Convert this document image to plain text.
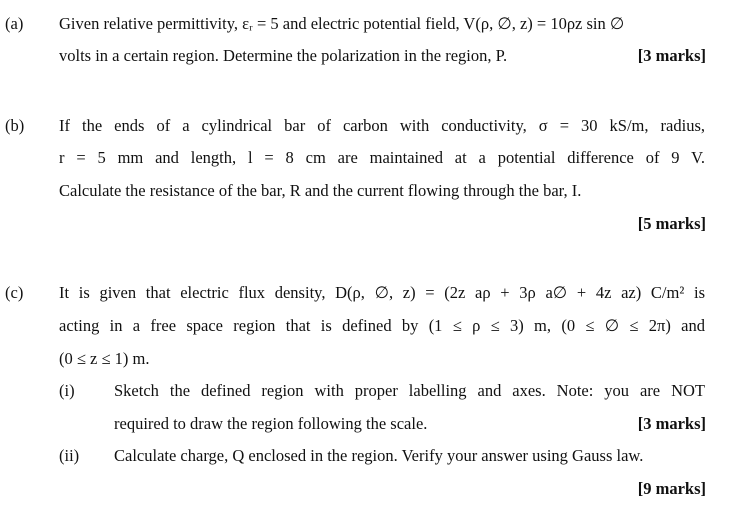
(a) Given relative permittivity, εᵣ = 5 and electric potential field, V(ρ, ∅, z) = 10ρz sin ∅
volts in a certain region. Determine the polarization in the region, P.	[3 marks]
(b) If the ends of a cylindrical bar of carbon with conductivity, σ = 30 kS/m, radius,
r = 5 mm and length, l = 8 cm are maintained at a potential difference of 9 V.
Calculate the resistance of the bar, R and the current flowing through the bar, I.
[5 marks]
(c) It is given that electric flux density, D(ρ, ∅, z) = (2z aρ + 3ρ a∅ + 4z az) C/m² is
acting in a free space region that is defined by (1 ≤ ρ ≤ 3) m, (0 ≤ ∅ ≤ 2π) and
(0 ≤ z ≤ 1) m.
(i) Sketch the defined region with proper labelling and axes. Note: you are NOT
required to draw the region following the scale.	[3 marks]
(ii) Calculate charge, Q enclosed in the region. Verify your answer using Gauss law.
[9 marks]
